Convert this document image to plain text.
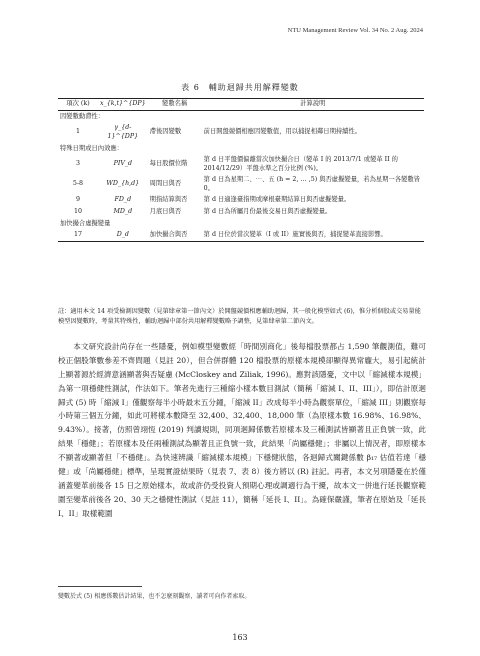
NTU Management Review Vol. 34 No. 2 Aug. 2024
表 6　輔助迴歸共用解釋變數
項次 (k)	x_{k,t}^{DP}	變數名稱	計算說明
因變數動滯性：			
1	γ_{d-1}^{DP}	滯後因變數	前日開盤競價相應因變數值，用以捕捉相鄰日期持續性。
特殊日期或日內效應：			
3	PIV_d	每日股價位階	第 d 日平盤價偏離當次加快撮合日（變革 I 的 2013/7/1 或變革 II 的 2014/12/29）平盤水準之百分比例 (%)。
5-8	WD_{h,d}	周間日與否	第 d 日為星期二、⋯、五 (h = 2, … ,5) 與否虛擬變量，若為星期一各變數皆 0。
9	FD_d	期指結算與否	第 d 日適逢臺指期或摩根臺期結算日與否虛擬變量。
10	MD_d	月底日與否	第 d 日為所屬月份最後交易日與否虛擬變量。
加快撮合虛擬變量			
17	D_d	加快撮合與否	第 d 日位於當次變革（I 或 II）施實後與否，捕捉變革直接影響。
註：適用本文 14 項受檢測因變數（見第肆章第一節內文）於開盤競價相應輔助迴歸，其一般化模型如式 (6)，惟分析個股或交易量能模型因變數時，考量其特殊性，輔助迴歸中部份共用解釋變數略予調整，見第肆章第二節內文。

本文研究設計尚存在一些隱憂，例如模型變數經「時間別商化」後每檔股票都占 1,590 筆觀測值，難可校正個股筆數參差不齊問題（見註 20），但合併群體 120 檔股票的原樣本規模卻顯得異常龐大，易引起統計上顯著源於經濟意涵顯著與否疑慮 (McCloskey and Ziliak, 1996)。應對該隱憂，文中以「縮減樣本規模」為第一項穩健性測試，作法如下。筆者先進行三種縮小樣本數目測試（簡稱「縮減 I、II、III」），即估計原迴歸式 (5) 時「縮減 I」僅觀察每半小時最末五分鐘，「縮減 II」改成每半小時為觀察單位，「縮減 III」則觀察每小時第三個五分鐘，如此可將樣本數降至 32,400、32,400、18,000 筆（為原樣本數 16.98%、16.98%、9.43%）。接著，仿照曾翊恆 (2019) 判讀規則，同項迴歸係數若原樣本及三種測試皆顯著且正負號一致，此結果「穩健」；若原樣本及任兩種測試為顯著且正負號一致，此結果「尚屬穩健」；非屬以上情況者，即原樣本不顯著或顯著但「不穩健」。為快速辨識「縮減樣本規模」下穩健狀態，各迴歸式關鍵係數 β₁₇ 估值若達「穩健」或「尚屬穩健」標準，呈現實證結果時（見表 7、表 8）後方將以 (R) 註記。再者，本文另項隱憂在於僅涵蓋變革前後各 15 日之原始樣本，故或許仍受投資人預期心理或調適行為干擾，故本文一併進行延長觀察範圍至變革前後各 20、30 天之穩健性測試（見註 11），簡稱「延長 I、II」。為確保嚴謹，筆者在原始及「延長 I、II」取樣範圍

變數於式 (5) 相應係數估計結果，也不怎麼刻觀察，讀者可向作者索取。
163
